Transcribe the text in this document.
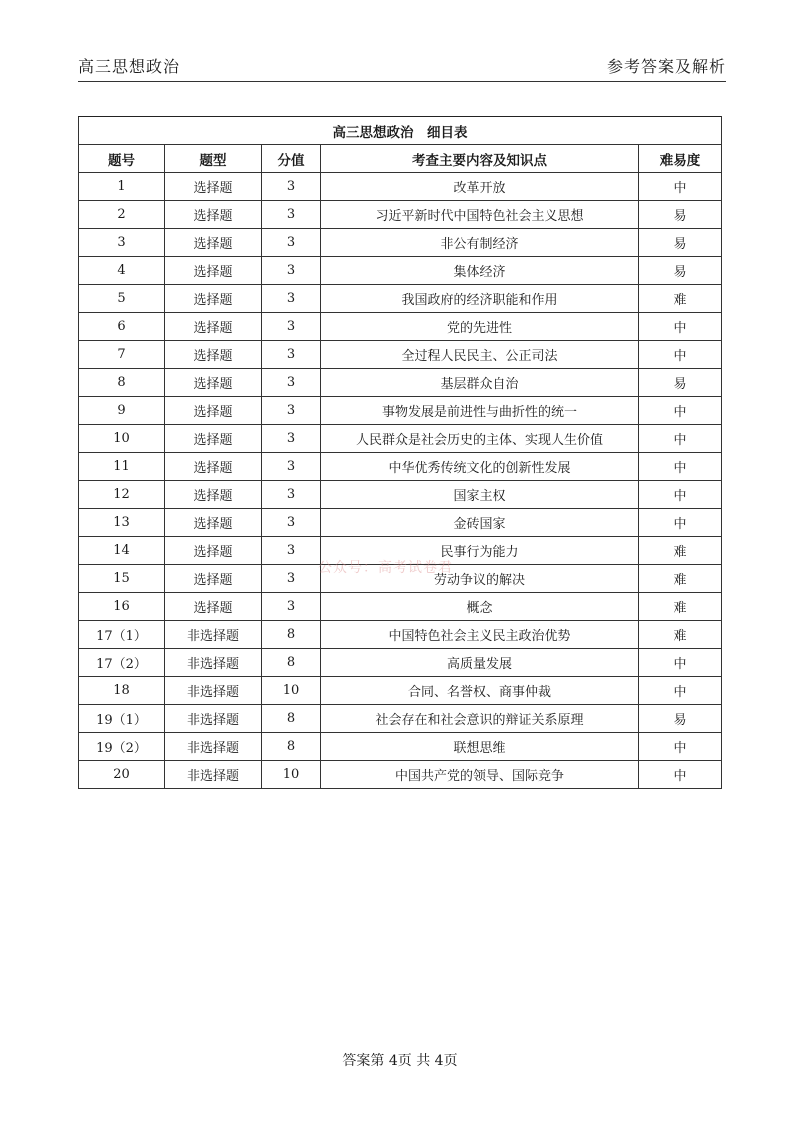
高三思想政治	参考答案及解析
高三思想政治　细目表				
题号	题型	分值	考查主要内容及知识点	难易度
1	选择题	3	改革开放	中
2	选择题	3	习近平新时代中国特色社会主义思想	易
3	选择题	3	非公有制经济	易
4	选择题	3	集体经济	易
5	选择题	3	我国政府的经济职能和作用	难
6	选择题	3	党的先进性	中
7	选择题	3	全过程人民民主、公正司法	中
8	选择题	3	基层群众自治	易
9	选择题	3	事物发展是前进性与曲折性的统一	中
10	选择题	3	人民群众是社会历史的主体、实现人生价值	中
11	选择题	3	中华优秀传统文化的创新性发展	中
12	选择题	3	国家主权	中
13	选择题	3	金砖国家	中
14	选择题	3	民事行为能力	难
15	选择题	3	劳动争议的解决	难
16	选择题	3	概念	难
17（1）	非选择题	8	中国特色社会主义民主政治优势	难
17（2）	非选择题	8	高质量发展	中
18	非选择题	10	合同、名誉权、商事仲裁	中
19（1）	非选择题	8	社会存在和社会意识的辩证关系原理	易
19（2）	非选择题	8	联想思维	中
20	非选择题	10	中国共产党的领导、国际竞争	中
公众号：高考试卷君
答案第 4页 共 4页
